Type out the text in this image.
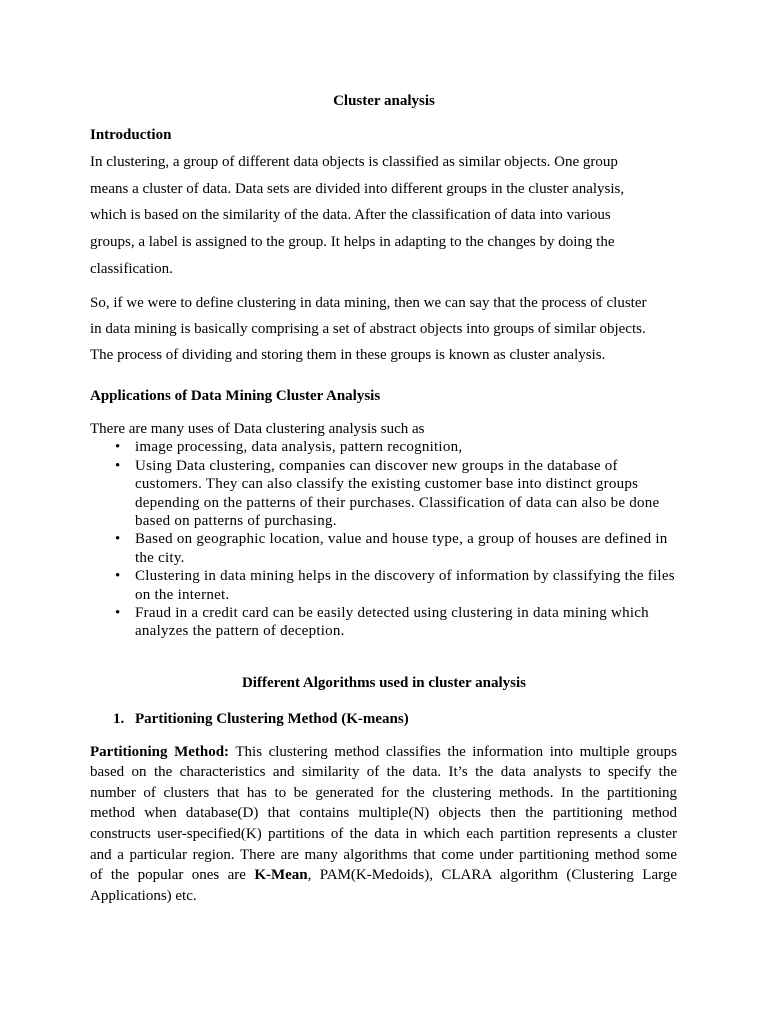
Cluster analysis
Introduction
In clustering, a group of different data objects is classified as similar objects. One group
means a cluster of data. Data sets are divided into different groups in the cluster analysis,
which is based on the similarity of the data. After the classification of data into various
groups, a label is assigned to the group. It helps in adapting to the changes by doing the
classification.
So, if we were to define clustering in data mining, then we can say that the process of cluster
in data mining is basically comprising a set of abstract objects into groups of similar objects.
The process of dividing and storing them in these groups is known as cluster analysis.
Applications of Data Mining Cluster Analysis
There are many uses of Data clustering analysis such as
• image processing, data analysis, pattern recognition,
• Using Data clustering, companies can discover new groups in the database of
customers. They can also classify the existing customer base into distinct groups
depending on the patterns of their purchases. Classification of data can also be done
based on patterns of purchasing.
• Based on geographic location, value and house type, a group of houses are defined in
the city.
• Clustering in data mining helps in the discovery of information by classifying the files
on the internet.
• Fraud in a credit card can be easily detected using clustering in data mining which
analyzes the pattern of deception.
Different Algorithms used in cluster analysis
1. Partitioning Clustering Method (K-means)
Partitioning Method: This clustering method classifies the information into multiple groups
based on the characteristics and similarity of the data. It’s the data analysts to specify the
number of clusters that has to be generated for the clustering methods. In the partitioning
method when database(D) that contains multiple(N) objects then the partitioning method
constructs user-specified(K) partitions of the data in which each partition represents a cluster
and a particular region. There are many algorithms that come under partitioning method some
of the popular ones are K-Mean, PAM(K-Medoids), CLARA algorithm (Clustering Large
Applications) etc.
